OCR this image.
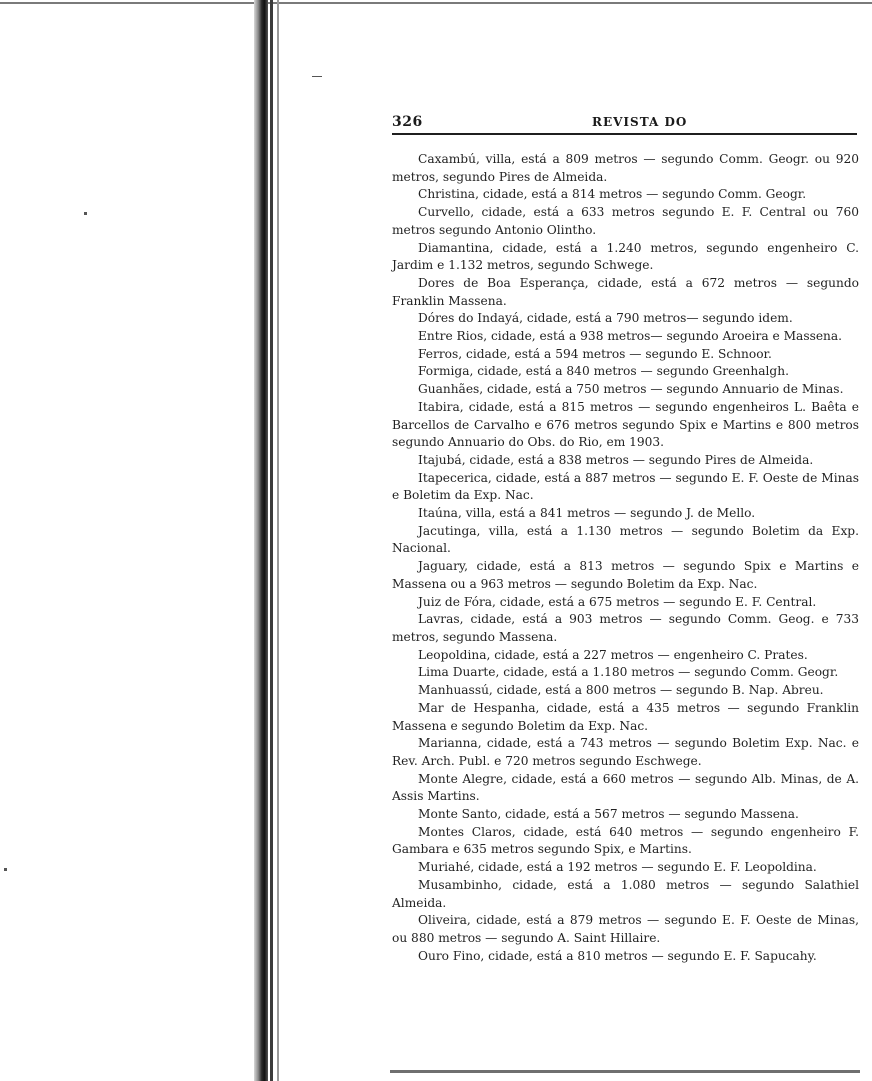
326	REVISTA DO

Caxambú, villa, está a 809 metros — segundo Comm. Geogr. ou 920 metros, segundo Pires de Almeida.

Christina, cidade, está a 814 metros — segundo Comm. Geogr.

Curvello, cidade, está a 633 metros segundo E. F. Central ou 760 metros segundo Antonio Olintho.

Diamantina, cidade, está a 1.240 metros, segundo engenheiro C. Jardim e 1.132 metros, segundo Schwege.

Dores de Boa Esperança, cidade, está a 672 metros — segundo Franklin Massena.

Dóres do Indayá, cidade, está a 790 metros— segundo idem.

Entre Rios, cidade, está a 938 metros— segundo Aroeira e Massena.

Ferros, cidade, está a 594 metros — segundo E. Schnoor.

Formiga, cidade, está a 840 metros — segundo Greenhalgh.

Guanhães, cidade, está a 750 metros — segundo Annuario de Minas.

Itabira, cidade, está a 815 metros — segundo engenheiros L. Baêta e Barcellos de Carvalho e 676 metros segundo Spix e Martins e 800 metros segundo Annuario do Obs. do Rio, em 1903.

Itajubá, cidade, está a 838 metros — segundo Pires de Almeida.

Itapecerica, cidade, está a 887 metros — segundo E. F. Oeste de Minas e Boletim da Exp. Nac.

Itaúna, villa, está a 841 metros — segundo J. de Mello.

Jacutinga, villa, está a 1.130 metros — segundo Boletim da Exp. Nacional.

Jaguary, cidade, está a 813 metros — segundo Spix e Martins e Massena ou a 963 metros — segundo Boletim da Exp. Nac.

Juiz de Fóra, cidade, está a 675 metros — segundo E. F. Central.

Lavras, cidade, está a 903 metros — segundo Comm. Geog. e 733 metros, segundo Massena.

Leopoldina, cidade, está a 227 metros — engenheiro C. Prates.

Lima Duarte, cidade, está a 1.180 metros — segundo Comm. Geogr.

Manhuassú, cidade, está a 800 metros — segundo B. Nap. Abreu.

Mar de Hespanha, cidade, está a 435 metros — segundo Franklin Massena e segundo Boletim da Exp. Nac.

Marianna, cidade, está a 743 metros — segundo Boletim Exp. Nac. e Rev. Arch. Publ. e 720 metros segundo Eschwege.

Monte Alegre, cidade, está a 660 metros — segundo Alb. Minas, de A. Assis Martins.

Monte Santo, cidade, está a 567 metros — segundo Massena.

Montes Claros, cidade, está 640 metros — segundo engenheiro F. Gambara e 635 metros segundo Spix, e Martins.

Muriahé, cidade, está a 192 metros — segundo E. F. Leopoldina.

Musambinho, cidade, está a 1.080 metros — segundo Salathiel Almeida.

Oliveira, cidade, está a 879 metros — segundo E. F. Oeste de Minas, ou 880 metros — segundo A. Saint Hillaire.

Ouro Fino, cidade, está a 810 metros — segundo E. F. Sapucahy.
